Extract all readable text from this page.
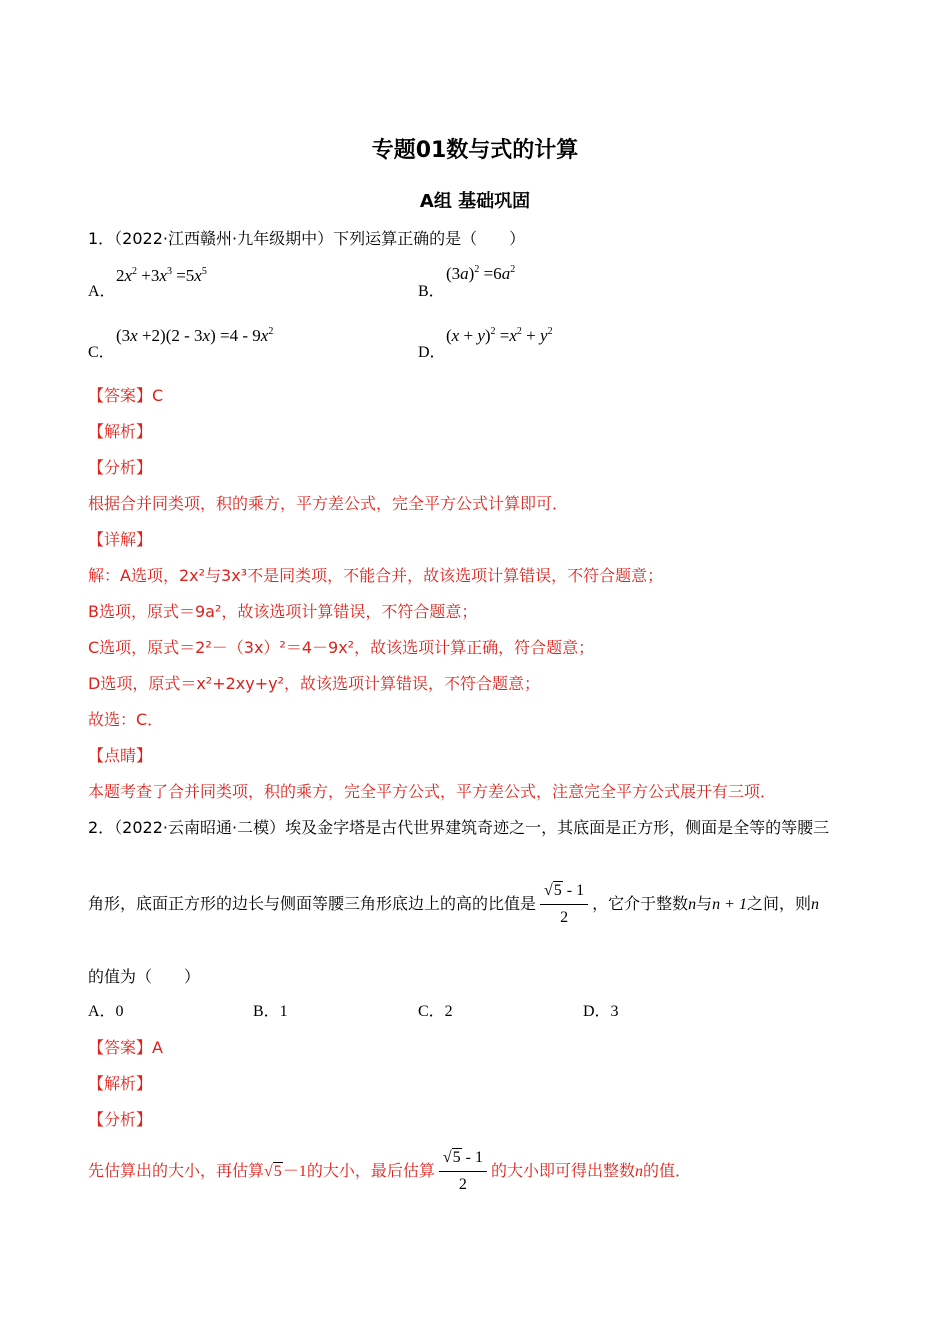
专题01数与式的计算
A组 基础巩固
1．（2022·江西赣州·九年级期中）下列运算正确的是（　　）
A．
$2x^2 +3x^3 =5x^5$
B．
$(3a)^2 =6a^2$
C．
$(3x +2)(2 - 3x) =4 - 9x^2$
D．
$(x + y)^2 =x^2 + y^2$
【答案】C
【解析】
【分析】
根据合并同类项，积的乘方，平方差公式，完全平方公式计算即可．
【详解】
解：A选项，2x²与3x³不是同类项，不能合并，故该选项计算错误，不符合题意；
B选项，原式＝9a²，故该选项计算错误，不符合题意；
C选项，原式＝2²－（3x）²＝4－9x²，故该选项计算正确，符合题意；
D选项，原式＝x²+2xy+y²，故该选项计算错误，不符合题意；
故选：C．
【点睛】
本题考查了合并同类项，积的乘方，完全平方公式，平方差公式，注意完全平方公式展开有三项．
2．（2022·云南昭通·二模）埃及金字塔是古代世界建筑奇迹之一，其底面是正方形，侧面是全等的等腰三
角形，底面正方形的边长与侧面等腰三角形底边上的高的比值是 $\frac{√5 - 1}{2}$ ，它介于整数n与n + 1之间，则n
的值为（　　）
A．0	B．1	C．2	D．3
【答案】A
【解析】
【分析】
先估算出的大小，再估算√5－1的大小，最后估算 $\frac{√5 - 1}{2}$ 的大小即可得出整数n的值．
